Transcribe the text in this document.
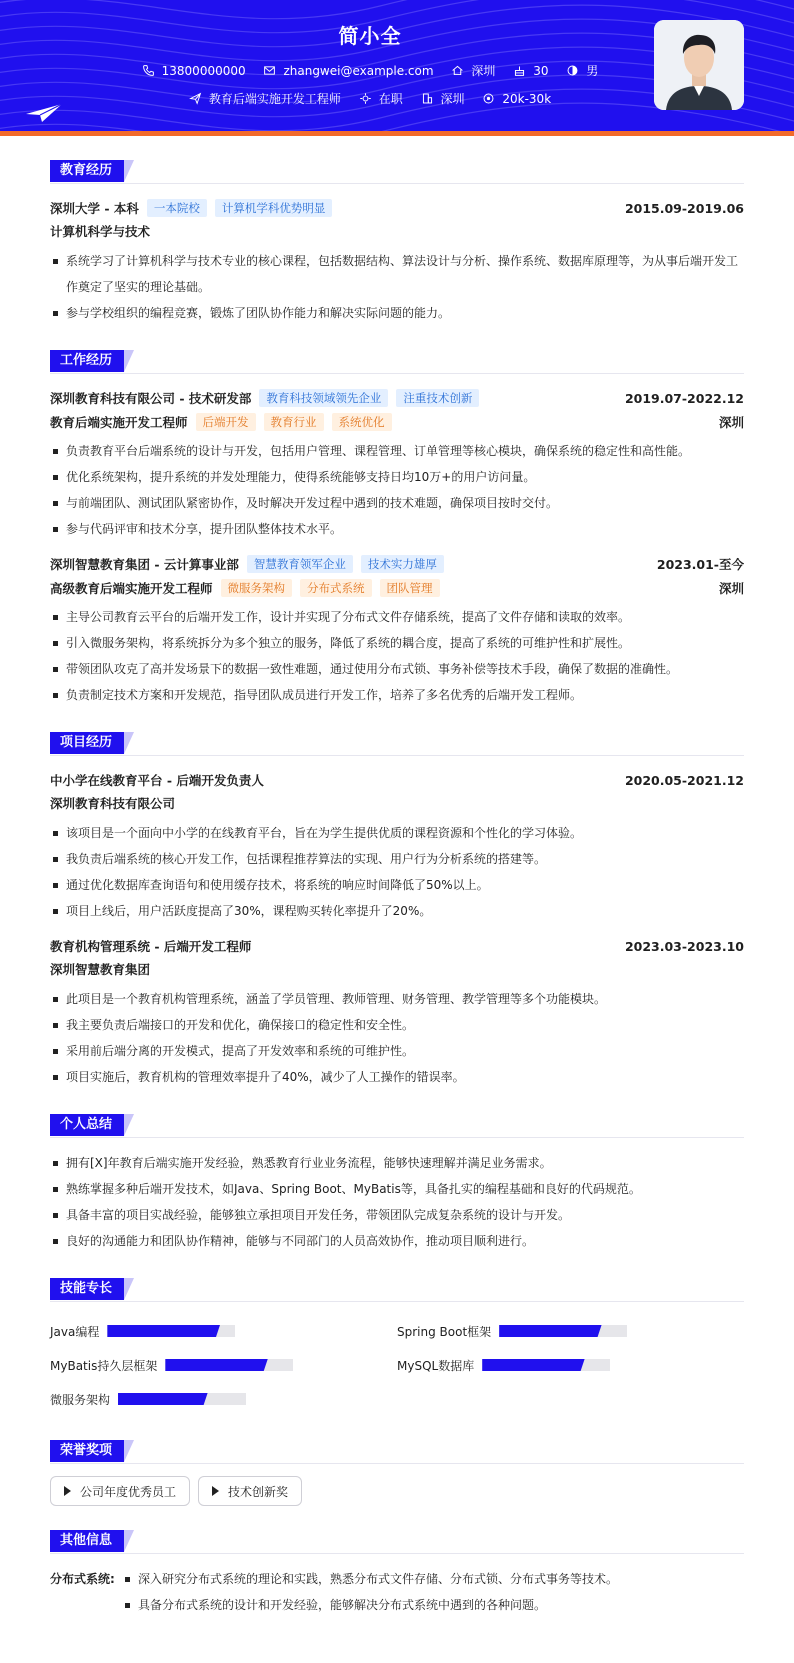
简小全
13800000000
	zhangwei@example.com
	深圳
	30
	男
教育后端实施开发工程师
	在职
	深圳
	20k-30k
教育经历
深圳大学 - 本科	一本院校	计算机学科优势明显	2015.09-2019.06
计算机科学与技术
系统学习了计算机科学与技术专业的核心课程，包括数据结构、算法设计与分析、操作系统、数据库原理等，为从事后端开发工作奠定了坚实的理论基础。
参与学校组织的编程竞赛，锻炼了团队协作能力和解决实际问题的能力。
工作经历
深圳教育科技有限公司 - 技术研发部	教育科技领域领先企业	注重技术创新	2019.07-2022.12
教育后端实施开发工程师	后端开发	教育行业	系统优化	深圳
负责教育平台后端系统的设计与开发，包括用户管理、课程管理、订单管理等核心模块，确保系统的稳定性和高性能。
优化系统架构，提升系统的并发处理能力，使得系统能够支持日均10万+的用户访问量。
与前端团队、测试团队紧密协作，及时解决开发过程中遇到的技术难题，确保项目按时交付。
参与代码评审和技术分享，提升团队整体技术水平。
深圳智慧教育集团 - 云计算事业部	智慧教育领军企业	技术实力雄厚	2023.01-至今
高级教育后端实施开发工程师	微服务架构	分布式系统	团队管理	深圳
主导公司教育云平台的后端开发工作，设计并实现了分布式文件存储系统，提高了文件存储和读取的效率。
引入微服务架构，将系统拆分为多个独立的服务，降低了系统的耦合度，提高了系统的可维护性和扩展性。
带领团队攻克了高并发场景下的数据一致性难题，通过使用分布式锁、事务补偿等技术手段，确保了数据的准确性。
负责制定技术方案和开发规范，指导团队成员进行开发工作，培养了多名优秀的后端开发工程师。
项目经历
中小学在线教育平台 - 后端开发负责人	2020.05-2021.12
深圳教育科技有限公司
该项目是一个面向中小学的在线教育平台，旨在为学生提供优质的课程资源和个性化的学习体验。
我负责后端系统的核心开发工作，包括课程推荐算法的实现、用户行为分析系统的搭建等。
通过优化数据库查询语句和使用缓存技术，将系统的响应时间降低了50%以上。
项目上线后，用户活跃度提高了30%，课程购买转化率提升了20%。
教育机构管理系统 - 后端开发工程师	2023.03-2023.10
深圳智慧教育集团
此项目是一个教育机构管理系统，涵盖了学员管理、教师管理、财务管理、教学管理等多个功能模块。
我主要负责后端接口的开发和优化，确保接口的稳定性和安全性。
采用前后端分离的开发模式，提高了开发效率和系统的可维护性。
项目实施后，教育机构的管理效率提升了40%，减少了人工操作的错误率。
个人总结
拥有[X]年教育后端实施开发经验，熟悉教育行业业务流程，能够快速理解并满足业务需求。
熟练掌握多种后端开发技术，如Java、Spring Boot、MyBatis等，具备扎实的编程基础和良好的代码规范。
具备丰富的项目实战经验，能够独立承担项目开发任务，带领团队完成复杂系统的设计与开发。
良好的沟通能力和团队协作精神，能够与不同部门的人员高效协作，推动项目顺利进行。
技能专长
Java编程	Spring Boot框架
MyBatis持久层框架	MySQL数据库
微服务架构
荣誉奖项
公司年度优秀员工	技术创新奖
其他信息
分布式系统:	深入研究分布式系统的理论和实践，熟悉分布式文件存储、分布式锁、分布式事务等技术。
具备分布式系统的设计和开发经验，能够解决分布式系统中遇到的各种问题。
